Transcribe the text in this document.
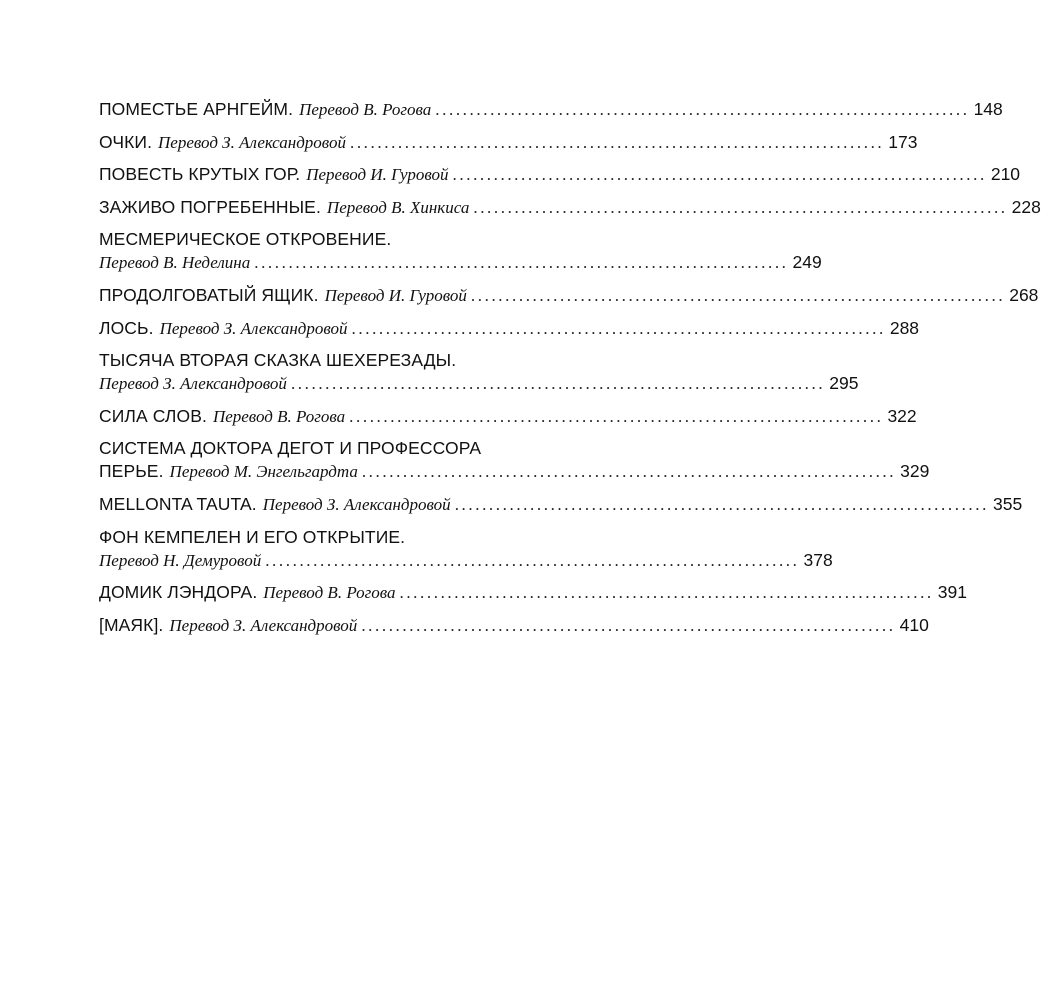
ПОМЕСТЬЕ АРНГЕЙМ. Перевод В. Рогова .............................................................................. 148
ОЧКИ. Перевод З. Александровой .............................................................................. 173
ПОВЕСТЬ КРУТЫХ ГОР. Перевод И. Гуровой .............................................................................. 210
ЗАЖИВО ПОГРЕБЕННЫЕ. Перевод В. Хинкиса .............................................................................. 228
МЕСМЕРИЧЕСКОЕ ОТКРОВЕНИЕ.
Перевод В. Неделина .............................................................................. 249
ПРОДОЛГОВАТЫЙ ЯЩИК. Перевод И. Гуровой .............................................................................. 268
ЛОСЬ. Перевод З. Александровой .............................................................................. 288
ТЫСЯЧА ВТОРАЯ СКАЗКА ШЕХЕРЕЗАДЫ.
Перевод З. Александровой .............................................................................. 295
СИЛА СЛОВ. Перевод В. Рогова .............................................................................. 322
СИСТЕМА ДОКТОРА ДЕГОТ И ПРОФЕССОРА
ПЕРЬЕ. Перевод М. Энгельгардта .............................................................................. 329
MELLONTA TAUTA. Перевод З. Александровой .............................................................................. 355
ФОН КЕМПЕЛЕН И ЕГО ОТКРЫТИЕ.
Перевод Н. Демуровой .............................................................................. 378
ДОМИК ЛЭНДОРА. Перевод В. Рогова .............................................................................. 391
[МАЯК]. Перевод З. Александровой .............................................................................. 410
